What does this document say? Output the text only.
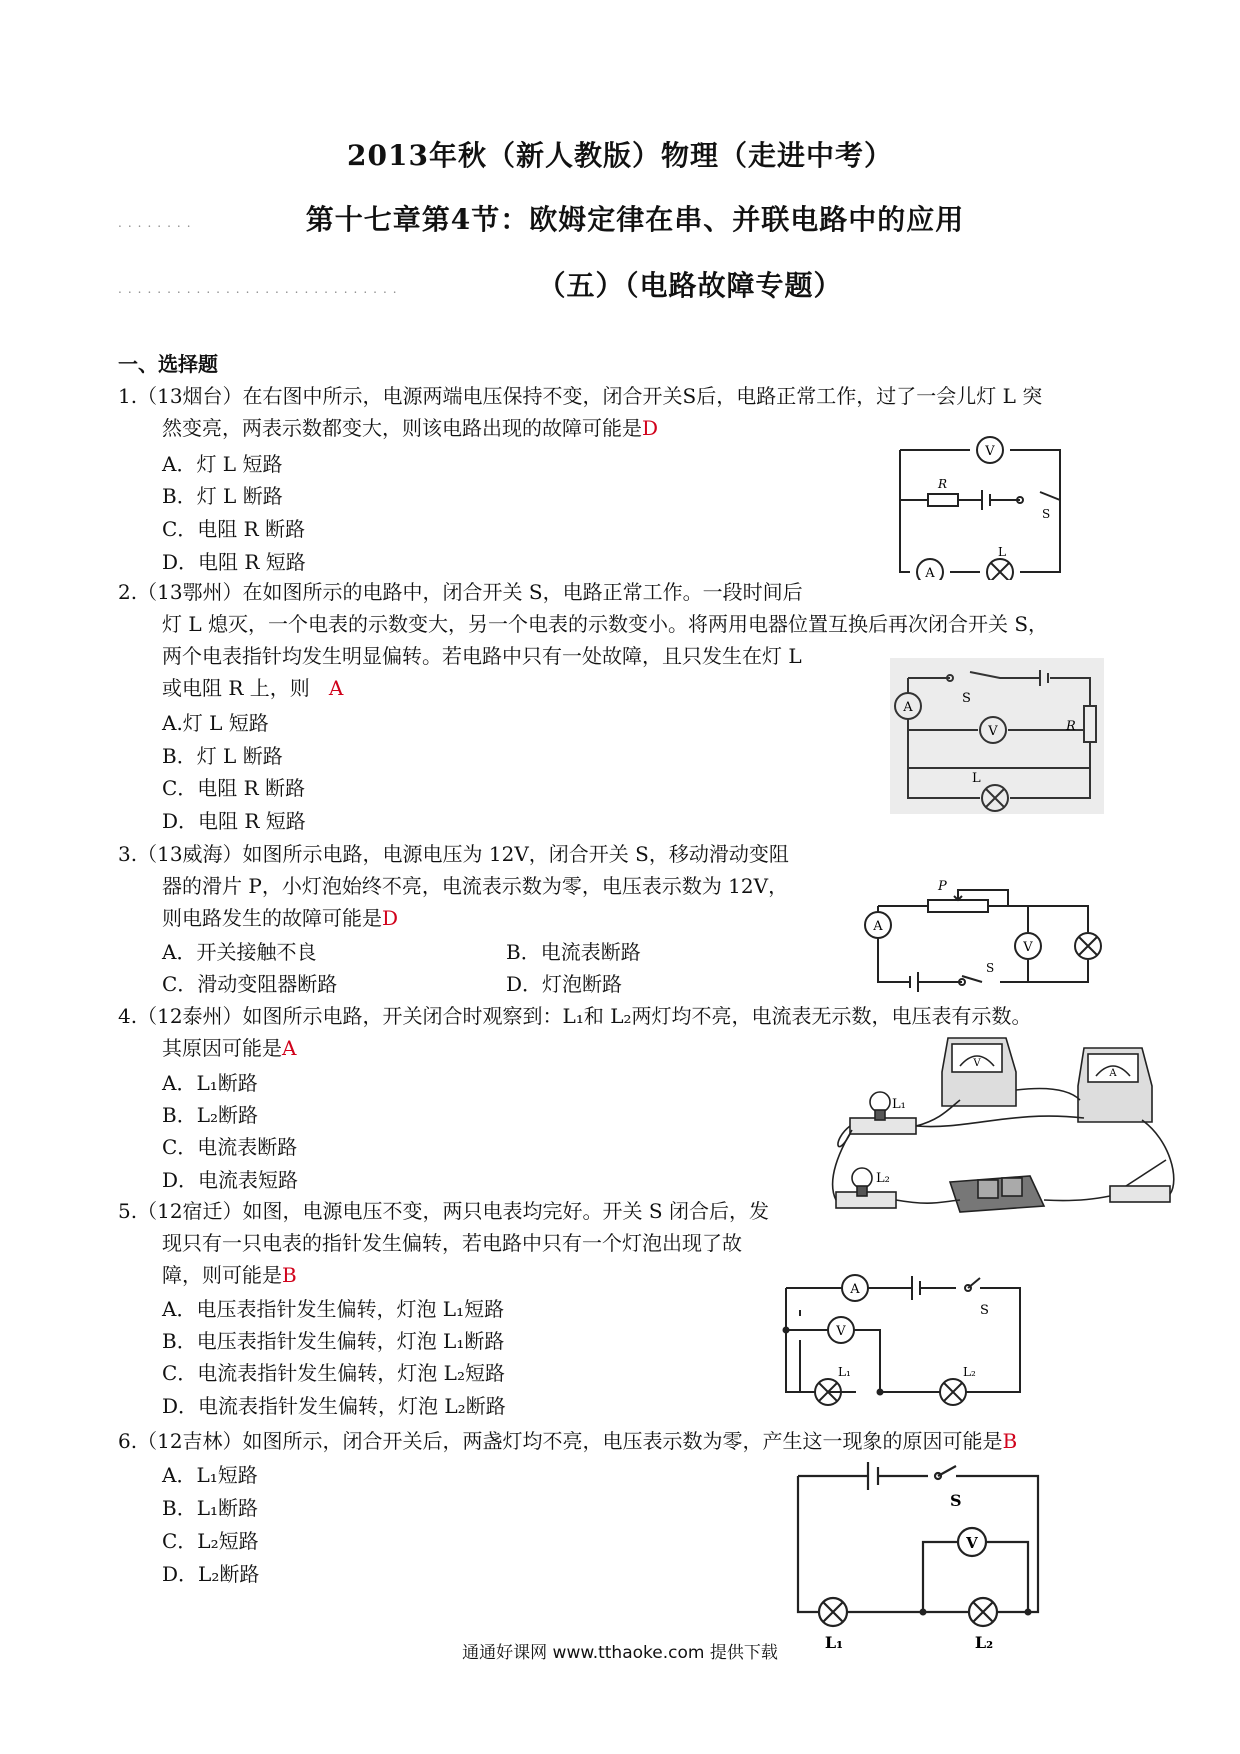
2013年秋（新人教版）物理（走进中考）
........	第十七章第4节：欧姆定律在串、并联电路中的应用
.............................	（五）（电路故障专题）
一、选择题
1.（13烟台）在右图中所示，电源两端电压保持不变，闭合开关S后，电路正常工作，过了一会儿灯 L 突
然变亮，两表示数都变大，则该电路出现的故障可能是D
A．灯 L 短路
B．灯 L 断路
C．电阻 R 断路
D．电阻 R 短路
V
A
R
S
L
2.（13鄂州）在如图所示的电路中，闭合开关 S，电路正常工作。一段时间后
灯 L 熄灭，一个电表的示数变大，另一个电表的示数变小。将两用电器位置互换后再次闭合开关 S，
两个电表指针均发生明显偏转。若电路中只有一处故障，且只发生在灯 L
或电阻 R 上，则 A
A.灯 L 短路
B．灯 L 断路
C．电阻 R 断路
D．电阻 R 短路
A
V
S
R
L
3.（13威海）如图所示电路，电源电压为 12V，闭合开关 S，移动滑动变阻
器的滑片 P，小灯泡始终不亮，电流表示数为零，电压表示数为 12V，
则电路发生的故障可能是D
A．开关接触不良	B．电流表断路
C．滑动变阻器断路	D．灯泡断路
A
V
P
S
4.（12泰州）如图所示电路，开关闭合时观察到：L₁和 L₂两灯均不亮，电流表无示数，电压表有示数。
其原因可能是A
A．L₁断路
B．L₂断路
C．电流表断路
D．电流表短路
L₁
L₂
V
A
5.（12宿迁）如图，电源电压不变，两只电表均完好。开关 S 闭合后，发
现只有一只电表的指针发生偏转，若电路中只有一个灯泡出现了故
障，则可能是B
A．电压表指针发生偏转，灯泡 L₁短路
B．电压表指针发生偏转，灯泡 L₁断路
C．电流表指针发生偏转，灯泡 L₂短路
D．电流表指针发生偏转，灯泡 L₂断路
A
V
S
L₁	L₂
6.（12吉林）如图所示，闭合开关后，两盏灯均不亮，电压表示数为零，产生这一现象的原因可能是B
A．L₁短路
B．L₁断路
C．L₂短路
D．L₂断路
V
S
L₁	L₂
通通好课网 www.tthaoke.com 提供下载
